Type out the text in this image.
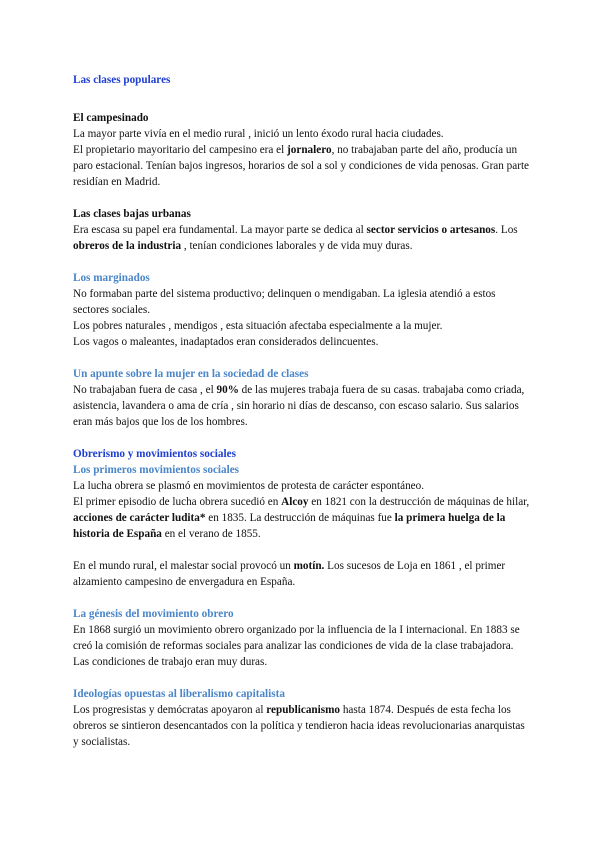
Las clases populares

El campesinado

La mayor parte vivía en el medio rural , inició un lento éxodo rural hacia ciudades.

El propietario mayoritario del campesino era el jornalero, no trabajaban parte del año, producía un paro estacional. Tenían bajos ingresos, horarios de sol a sol y condiciones de vida penosas. Gran parte residían en Madrid.

Las clases bajas urbanas

Era escasa su papel era fundamental. La mayor parte se dedica al sector servicios o artesanos. Los obreros de la industria , tenían condiciones laborales y de vida muy duras.

Los marginados

No formaban parte del sistema productivo; delinquen o mendigaban. La iglesia atendió a estos sectores sociales.

Los pobres naturales , mendigos , esta situación afectaba especialmente a la mujer.

Los vagos o maleantes, inadaptados eran considerados delincuentes.

Un apunte sobre la mujer en la sociedad de clases

No trabajaban fuera de casa , el 90% de las mujeres trabaja fuera de su casas. trabajaba como criada, asistencia, lavandera o ama de cría , sin horario ni días de descanso, con escaso salario. Sus salarios eran más bajos que los de los hombres.

Obrerismo y movimientos sociales

Los primeros movimientos sociales

La lucha obrera se plasmó en movimientos de protesta de carácter espontáneo.

El primer episodio de lucha obrera sucedió en Alcoy en 1821 con la destrucción de máquinas de hilar, acciones de carácter ludita* en 1835. La destrucción de máquinas fue la primera huelga de la historia de España en el verano de 1855.

En el mundo rural, el malestar social provocó un motín. Los sucesos de Loja en 1861 , el primer alzamiento campesino de envergadura en España.

La génesis del movimiento obrero

En 1868 surgió un movimiento obrero organizado por la influencia de la I internacional. En 1883 se creó la comisión de reformas sociales para analizar las condiciones de vida de la clase trabajadora.

Las condiciones de trabajo eran muy duras.

Ideologías opuestas al liberalismo capitalista

Los progresistas y demócratas apoyaron al republicanismo hasta 1874. Después de esta fecha los obreros se sintieron desencantados con la política y tendieron hacia ideas revolucionarias anarquistas y socialistas.
